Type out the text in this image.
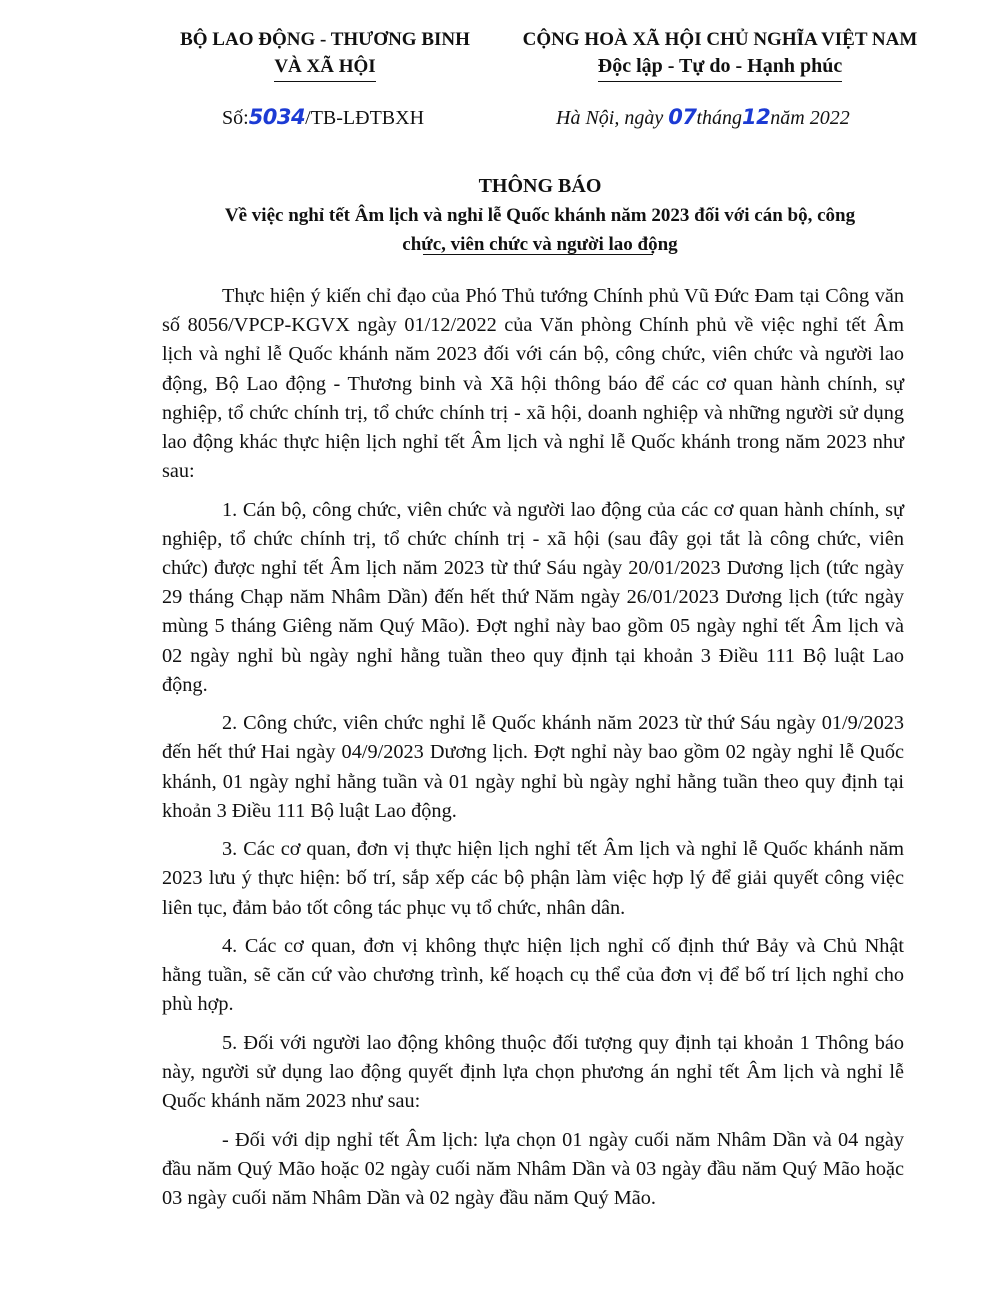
BỘ LAO ĐỘNG - THƯƠNG BINH
VÀ XÃ HỘI
CỘNG HOÀ XÃ HỘI CHỦ NGHĨA VIỆT NAM
Độc lập - Tự do - Hạnh phúc
Số:5034/TB-LĐTBXH	Hà Nội, ngày 07tháng12năm 2022
THÔNG BÁO
Về việc nghỉ tết Âm lịch và nghỉ lễ Quốc khánh năm 2023 đối với cán bộ, công
chức, viên chức và người lao động

Thực hiện ý kiến chỉ đạo của Phó Thủ tướng Chính phủ Vũ Đức Đam tại Công văn số 8056/VPCP-KGVX ngày 01/12/2022 của Văn phòng Chính phủ về việc nghỉ tết Âm lịch và nghỉ lễ Quốc khánh năm 2023 đối với cán bộ, công chức, viên chức và người lao động, Bộ Lao động - Thương binh và Xã hội thông báo để các cơ quan hành chính, sự nghiệp, tổ chức chính trị, tổ chức chính trị - xã hội, doanh nghiệp và những người sử dụng lao động khác thực hiện lịch nghỉ tết Âm lịch và nghỉ lễ Quốc khánh trong năm 2023 như sau:

1. Cán bộ, công chức, viên chức và người lao động của các cơ quan hành chính, sự nghiệp, tổ chức chính trị, tổ chức chính trị - xã hội (sau đây gọi tắt là công chức, viên chức) được nghỉ tết Âm lịch năm 2023 từ thứ Sáu ngày 20/01/2023 Dương lịch (tức ngày 29 tháng Chạp năm Nhâm Dần) đến hết thứ Năm ngày 26/01/2023 Dương lịch (tức ngày mùng 5 tháng Giêng năm Quý Mão). Đợt nghỉ này bao gồm 05 ngày nghỉ tết Âm lịch và 02 ngày nghỉ bù ngày nghỉ hằng tuần theo quy định tại khoản 3 Điều 111 Bộ luật Lao động.

2. Công chức, viên chức nghỉ lễ Quốc khánh năm 2023 từ thứ Sáu ngày 01/9/2023 đến hết thứ Hai ngày 04/9/2023 Dương lịch. Đợt nghỉ này bao gồm 02 ngày nghỉ lễ Quốc khánh, 01 ngày nghỉ hằng tuần và 01 ngày nghỉ bù ngày nghỉ hằng tuần theo quy định tại khoản 3 Điều 111 Bộ luật Lao động.

3. Các cơ quan, đơn vị thực hiện lịch nghỉ tết Âm lịch và nghỉ lễ Quốc khánh năm 2023 lưu ý thực hiện: bố trí, sắp xếp các bộ phận làm việc hợp lý để giải quyết công việc liên tục, đảm bảo tốt công tác phục vụ tổ chức, nhân dân.

4. Các cơ quan, đơn vị không thực hiện lịch nghỉ cố định thứ Bảy và Chủ Nhật hằng tuần, sẽ căn cứ vào chương trình, kế hoạch cụ thể của đơn vị để bố trí lịch nghỉ cho phù hợp.

5. Đối với người lao động không thuộc đối tượng quy định tại khoản 1 Thông báo này, người sử dụng lao động quyết định lựa chọn phương án nghỉ tết Âm lịch và nghỉ lễ Quốc khánh năm 2023 như sau:

- Đối với dịp nghỉ tết Âm lịch: lựa chọn 01 ngày cuối năm Nhâm Dần và 04 ngày đầu năm Quý Mão hoặc 02 ngày cuối năm Nhâm Dần và 03 ngày đầu năm Quý Mão hoặc 03 ngày cuối năm Nhâm Dần và 02 ngày đầu năm Quý Mão.
